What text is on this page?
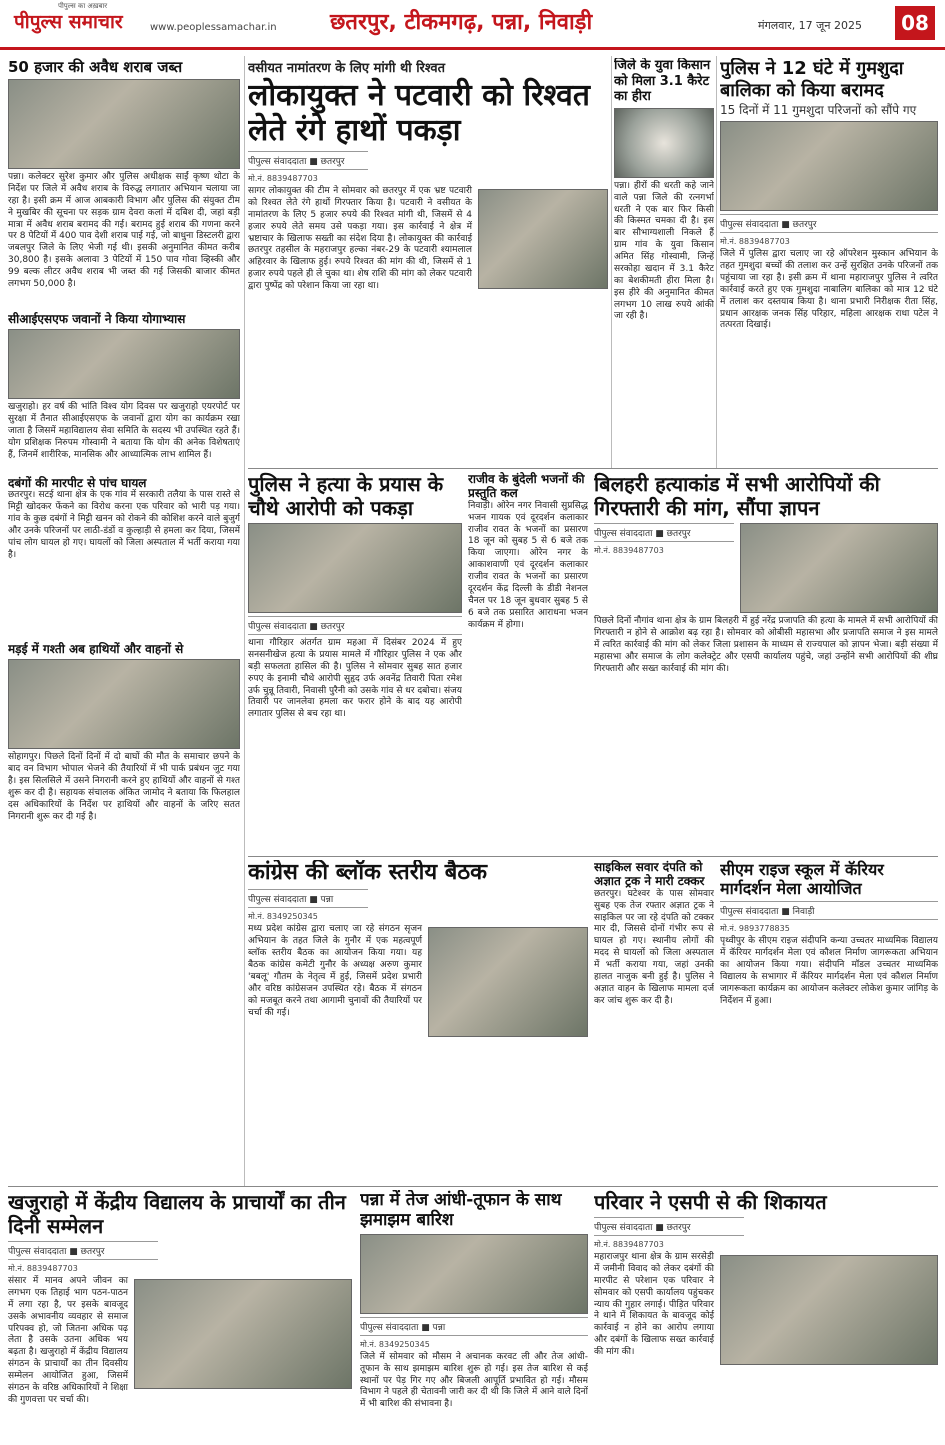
पीपुल्स का अख़बार
पीपुल्स समाचार	www.peoplessamachar.in छतरपुर, टीकमगढ़, पन्ना, निवाड़ी	मंगलवार, 17 जून 2025	08
50 हजार की अवैध शराब जब्त
पन्ना। कलेक्टर सुरेश कुमार और पुलिस अधीक्षक साईं कृष्ण थोटा के निर्देश पर जिले में अवैध शराब के विरुद्ध लगातार अभियान चलाया जा रहा है। इसी क्रम में आज आबकारी विभाग और पुलिस की संयुक्त टीम ने मुखबिर की सूचना पर सड़क ग्राम देवरा कलां में दबिश दी, जहां बड़ी मात्रा में अवैध शराब बरामद की गई। बरामद हुई शराब की गणना करने पर 8 पेटियों में 400 पाव देशी शराब पाई गई, जो बाधुना डिस्टलरी द्वारा जबलपुर जिले के लिए भेजी गई थी। इसकी अनुमानित कीमत करीब 30,800 है। इसके अलावा 3 पेटियों में 150 पाव गोवा व्हिस्की और 99 बल्क लीटर अवैध शराब भी जब्त की गई जिसकी बाजार कीमत लगभग 50,000 है।
वसीयत नामांतरण के लिए मांगी थी रिश्वत
लोकायुक्त ने पटवारी को रिश्वत लेते रंगे हाथों पकड़ा
पीपुल्स संवाददाता ■ छतरपुर
मो.नं. 8839487703
सागर लोकायुक्त की टीम ने सोमवार को छतरपुर में एक भ्रष्ट पटवारी को रिश्वत लेते रंगे हाथों गिरफ्तार किया है। पटवारी ने वसीयत के नामांतरण के लिए 5 हजार रुपये की रिश्वत मांगी थी, जिसमें से 4 हजार रुपये लेते समय उसे पकड़ा गया। इस कार्रवाई ने क्षेत्र में भ्रष्टाचार के खिलाफ सख्ती का संदेश दिया है। लोकायुक्त की कार्रवाई छतरपुर तहसील के महराजपुर हल्का नंबर-29 के पटवारी श्यामलाल अहिरवार के खिलाफ हुई। रुपये रिश्वत की मांग की थी, जिसमें से 1 हजार रुपये पहले ही ले चुका था। शेष राशि की मांग को लेकर पटवारी द्वारा पुष्पेंद्र को परेशान किया जा रहा था।
जिले के युवा किसान को मिला 3.1 कैरेट का हीरा
पन्ना। हीरों की धरती कहे जाने वाले पन्ना जिले की रत्नगर्भा धरती ने एक बार फिर किसी की किस्मत चमका दी है। इस बार सौभाग्यशाली निकले हैं ग्राम गांव के युवा किसान अमित सिंह गोस्वामी, जिन्हें सरकोहा खदान में 3.1 कैरेट का बेशकीमती हीरा मिला है। इस हीरे की अनुमानित कीमत लगभग 10 लाख रुपये आंकी जा रही है।
पुलिस ने 12 घंटे में गुमशुदा बालिका को किया बरामद
15 दिनों में 11 गुमशुदा परिजनों को सौंपे गए
पीपुल्स संवाददाता ■ छतरपुर
मो.नं. 8839487703
जिले में पुलिस द्वारा चलाए जा रहे ऑपरेशन मुस्कान अभियान के तहत गुमशुदा बच्चों की तलाश कर उन्हें सुरक्षित उनके परिजनों तक पहुंचाया जा रहा है। इसी क्रम में थाना महाराजपुर पुलिस ने त्वरित कार्रवाई करते हुए एक गुमशुदा नाबालिग बालिका को मात्र 12 घंटे में तलाश कर दस्तयाब किया है। थाना प्रभारी निरीक्षक रीता सिंह, प्रधान आरक्षक जनक सिंह परिहार, महिला आरक्षक राधा पटेल ने तत्परता दिखाई।
सीआईएसएफ जवानों ने किया योगाभ्यास
खजुराहो। हर वर्ष की भांति विश्व योग दिवस पर खजुराहो एयरपोर्ट पर सुरक्षा में तैनात सीआईएसएफ के जवानों द्वारा योग का कार्यक्रम रखा जाता है जिसमें महाविद्यालय सेवा समिति के सदस्य भी उपस्थित रहते हैं। योग प्रशिक्षक निरुपम गोस्वामी ने बताया कि योग की अनेक विशेषताएं हैं, जिनमें शारीरिक, मानसिक और आध्यात्मिक लाभ शामिल हैं।
पुलिस ने हत्या के प्रयास के चौथे आरोपी को पकड़ा
पीपुल्स संवाददाता ■ छतरपुर
थाना गौरिहार अंतर्गत ग्राम महआ में दिसंबर 2024 में हुए सनसनीखेज हत्या के प्रयास मामले में गौरिहार पुलिस ने एक और बड़ी सफलता हासिल की है। पुलिस ने सोमवार सुबह सात हजार रुपए के इनामी चौथे आरोपी सुहृद उर्फ अवनेंद्र तिवारी पिता रमेश उर्फ चुन्नू तिवारी, निवासी पुरैनी को उसके गांव से धर दबोचा। संजय तिवारी पर जानलेवा हमला कर फरार होने के बाद यह आरोपी लगातार पुलिस से बच रहा था।
राजीव के बुंदेली भजनों की प्रस्तुति कल
निवाड़ी। ओरेन नगर निवासी सुप्रसिद्ध भजन गायक एवं दूरदर्शन कलाकार राजीव रावत के भजनों का प्रसारण 18 जून को सुबह 5 से 6 बजे तक किया जाएगा। ओरेन नगर के आकाशवाणी एवं दूरदर्शन कलाकार राजीव रावत के भजनों का प्रसारण दूरदर्शन केंद्र दिल्ली के डीडी नेशनल चैनल पर 18 जून बुधवार सुबह 5 से 6 बजे तक प्रसारित आराधना भजन कार्यक्रम में होगा।
बिलहरी हत्याकांड में सभी आरोपियों की गिरफ्तारी की मांग, सौंपा ज्ञापन
पीपुल्स संवाददाता ■ छतरपुर
मो.नं. 8839487703
पिछले दिनों नौगांव थाना क्षेत्र के ग्राम बिलहरी में हुई नरेंद्र प्रजापति की हत्या के मामले में सभी आरोपियों की गिरफ्तारी न होने से आक्रोश बढ़ रहा है। सोमवार को ओबीसी महासभा और प्रजापति समाज ने इस मामले में त्वरित कार्रवाई की मांग को लेकर जिला प्रशासन के माध्यम से राज्यपाल को ज्ञापन भेजा। बड़ी संख्या में महासभा और समाज के लोग कलेक्ट्रेट और एसपी कार्यालय पहुंचे, जहां उन्होंने सभी आरोपियों की शीघ्र गिरफ्तारी और सख्त कार्रवाई की मांग की।
दबंगों की मारपीट से पांच घायल
छतरपुर। सटई थाना क्षेत्र के एक गांव में सरकारी तलैया के पास रास्ते से मिट्टी खोदकर फेंकने का विरोध करना एक परिवार को भारी पड़ गया। गांव के कुछ दबंगों ने मिट्टी खनन को रोकने की कोशिश करने वाले बुजुर्ग और उनके परिजनों पर लाठी-डंडों व कुल्हाड़ी से हमला कर दिया, जिसमें पांच लोग घायल हो गए। घायलों को जिला अस्पताल में भर्ती कराया गया है।
मड़ई में गश्ती अब हाथियों और वाहनों से
सोहागपुर। पिछले दिनों दिनों में दो बाघों की मौत के समाचार छपने के बाद वन विभाग भोपाल भेजने की तैयारियों में भी पार्क प्रबंधन जुट गया है। इस सिलसिले में उसने निगरानी करने हुए हाथियों और वाहनों से गश्त शुरू कर दी है। सहायक संचालक अंकित जामोद ने बताया कि फिलहाल दस अधिकारियों के निर्देश पर हाथियों और वाहनों के जरिए सतत निगरानी शुरू कर दी गई है।
कांग्रेस की ब्लॉक स्तरीय बैठक
पीपुल्स संवाददाता ■ पन्ना
मो.नं. 8349250345
मध्य प्रदेश कांग्रेस द्वारा चलाए जा रहे संगठन सृजन अभियान के तहत जिले के गुनौर में एक महत्वपूर्ण ब्लॉक स्तरीय बैठक का आयोजन किया गया। यह बैठक कांग्रेस कमेटी गुनौर के अध्यक्ष अरुण कुमार 'बबलू' गौतम के नेतृत्व में हुई, जिसमें प्रदेश प्रभारी और वरिष्ठ कांग्रेसजन उपस्थित रहे। बैठक में संगठन को मजबूत करने तथा आगामी चुनावों की तैयारियों पर चर्चा की गई।
साइकिल सवार दंपति को अज्ञात ट्रक ने मारी टक्कर
छतरपुर। घटेश्वर के पास सोमवार सुबह एक तेज रफ्तार अज्ञात ट्रक ने साइकिल पर जा रहे दंपति को टक्कर मार दी, जिससे दोनों गंभीर रूप से घायल हो गए। स्थानीय लोगों की मदद से घायलों को जिला अस्पताल में भर्ती कराया गया, जहां उनकी हालत नाजुक बनी हुई है। पुलिस ने अज्ञात वाहन के खिलाफ मामला दर्ज कर जांच शुरू कर दी है।
सीएम राइज स्कूल में कॅरियर मार्गदर्शन मेला आयोजित
पीपुल्स संवाददाता ■ निवाड़ी
मो.नं. 9893778835
पृथ्वीपुर के सीएम राइज संदीपनि कन्या उच्चतर माध्यमिक विद्यालय में कॅरियर मार्गदर्शन मेला एवं कौशल निर्माण जागरूकता अभियान का आयोजन किया गया। संदीपनि मॉडल उच्चतर माध्यमिक विद्यालय के सभागार में कॅरियर मार्गदर्शन मेला एवं कौशल निर्माण जागरूकता कार्यक्रम का आयोजन कलेक्टर लोकेश कुमार जांगिड़ के निर्देशन में हुआ।
खजुराहो में केंद्रीय विद्यालय के प्राचार्यों का तीन दिनी सम्मेलन
पीपुल्स संवाददाता ■ छतरपुर
मो.नं. 8839487703
संसार में मानव अपने जीवन का लगभग एक तिहाई भाग पठन-पाठन में लगा रहा है, पर इसके बावजूद उसके अभावनीय व्यवहार से समाज परिपक्व हो, जो जितना अधिक पढ़ लेता है उसके उतना अधिक भय बढ़ता है। खजुराहो में केंद्रीय विद्यालय संगठन के प्राचार्यों का तीन दिवसीय सम्मेलन आयोजित हुआ, जिसमें संगठन के वरिष्ठ अधिकारियों ने शिक्षा की गुणवत्ता पर चर्चा की।
पन्ना में तेज आंधी-तूफान के साथ झमाझम बारिश
पीपुल्स संवाददाता ■ पन्ना
मो.नं. 8349250345
जिले में सोमवार को मौसम ने अचानक करवट ली और तेज आंधी-तूफान के साथ झमाझम बारिश शुरू हो गई। इस तेज बारिश से कई स्थानों पर पेड़ गिर गए और बिजली आपूर्ति प्रभावित हो गई। मौसम विभाग ने पहले ही चेतावनी जारी कर दी थी कि जिले में आने वाले दिनों में भी बारिश की संभावना है।
परिवार ने एसपी से की शिकायत
पीपुल्स संवाददाता ■ छतरपुर
मो.नं. 8839487703
महाराजपुर थाना क्षेत्र के ग्राम सरसेड़ी में जमीनी विवाद को लेकर दबंगों की मारपीट से परेशान एक परिवार ने सोमवार को एसपी कार्यालय पहुंचकर न्याय की गुहार लगाई। पीड़ित परिवार ने थाने में शिकायत के बावजूद कोई कार्रवाई न होने का आरोप लगाया और दबंगों के खिलाफ सख्त कार्रवाई की मांग की।
